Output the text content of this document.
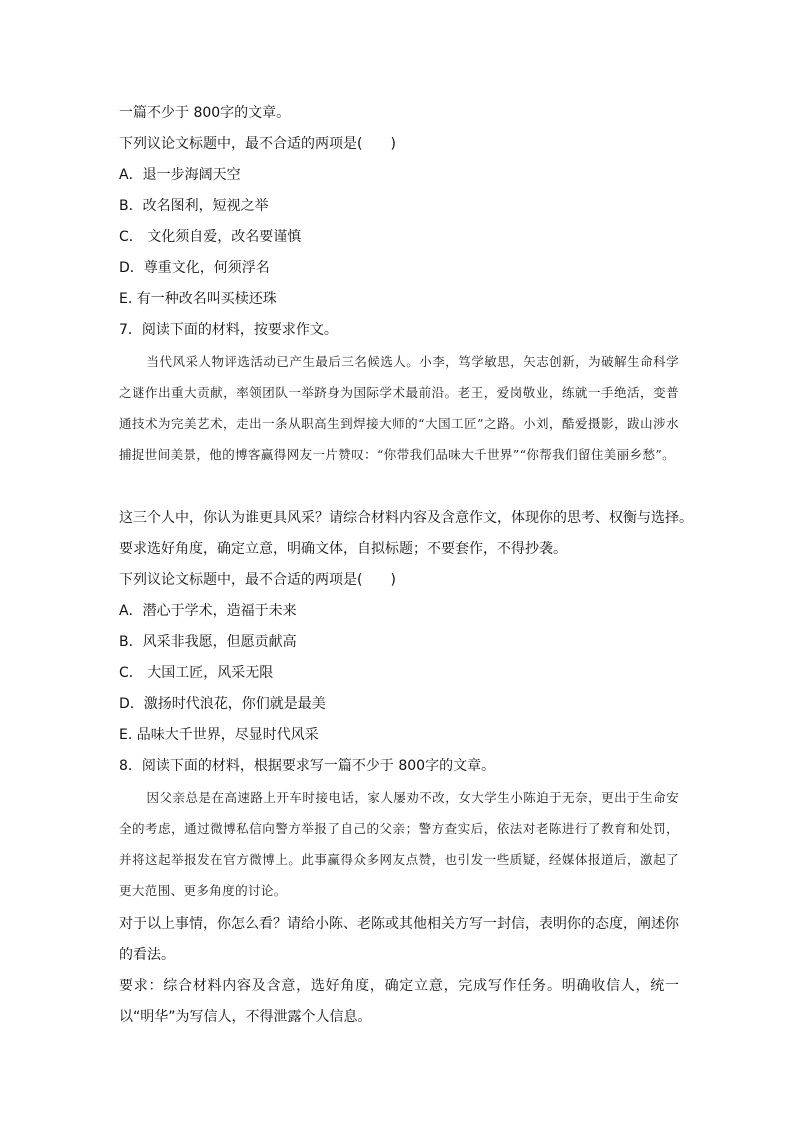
一篇不少于 800字的文章。
下列议论文标题中，最不合适的两项是(　　)
A．退一步海阔天空
B．改名图利，短视之举
C． 文化须自爱，改名要谨慎
D．尊重文化，何须浮名
E. 有一种改名叫买椟还珠
7．阅读下面的材料，按要求作文。
当代风采人物评选活动已产生最后三名候选人。小李，笃学敏思，矢志创新，为破解生命科学之谜作出重大贡献，率领团队一举跻身为国际学术最前沿。老王，爱岗敬业，练就一手绝活，变普通技术为完美艺术，走出一条从职高生到焊接大师的“大国工匠”之路。小刘，酷爱摄影，跋山涉水捕捉世间美景，他的博客赢得网友一片赞叹：“你带我们品味大千世界”“你帮我们留住美丽乡愁”。
这三个人中，你认为谁更具风采？请综合材料内容及含意作文，体现你的思考、权衡与选择。
要求选好角度，确定立意，明确文体，自拟标题；不要套作，不得抄袭。
下列议论文标题中，最不合适的两项是(　　)
A．潜心于学术，造福于未来
B．风采非我愿，但愿贡献高
C． 大国工匠，风采无限
D．激扬时代浪花，你们就是最美
E. 品味大千世界，尽显时代风采
8．阅读下面的材料，根据要求写一篇不少于 800字的文章。
因父亲总是在高速路上开车时接电话，家人屡劝不改，女大学生小陈迫于无奈，更出于生命安全的考虑，通过微博私信向警方举报了自己的父亲；警方查实后，依法对老陈进行了教育和处罚，并将这起举报发在官方微博上。此事赢得众多网友点赞，也引发一些质疑，经媒体报道后，激起了更大范围、更多角度的讨论。
对于以上事情，你怎么看？请给小陈、老陈或其他相关方写一封信，表明你的态度，阐述你的看法。
要求：综合材料内容及含意，选好角度，确定立意，完成写作任务。明确收信人，统一以“明华”为写信人，不得泄露个人信息。
